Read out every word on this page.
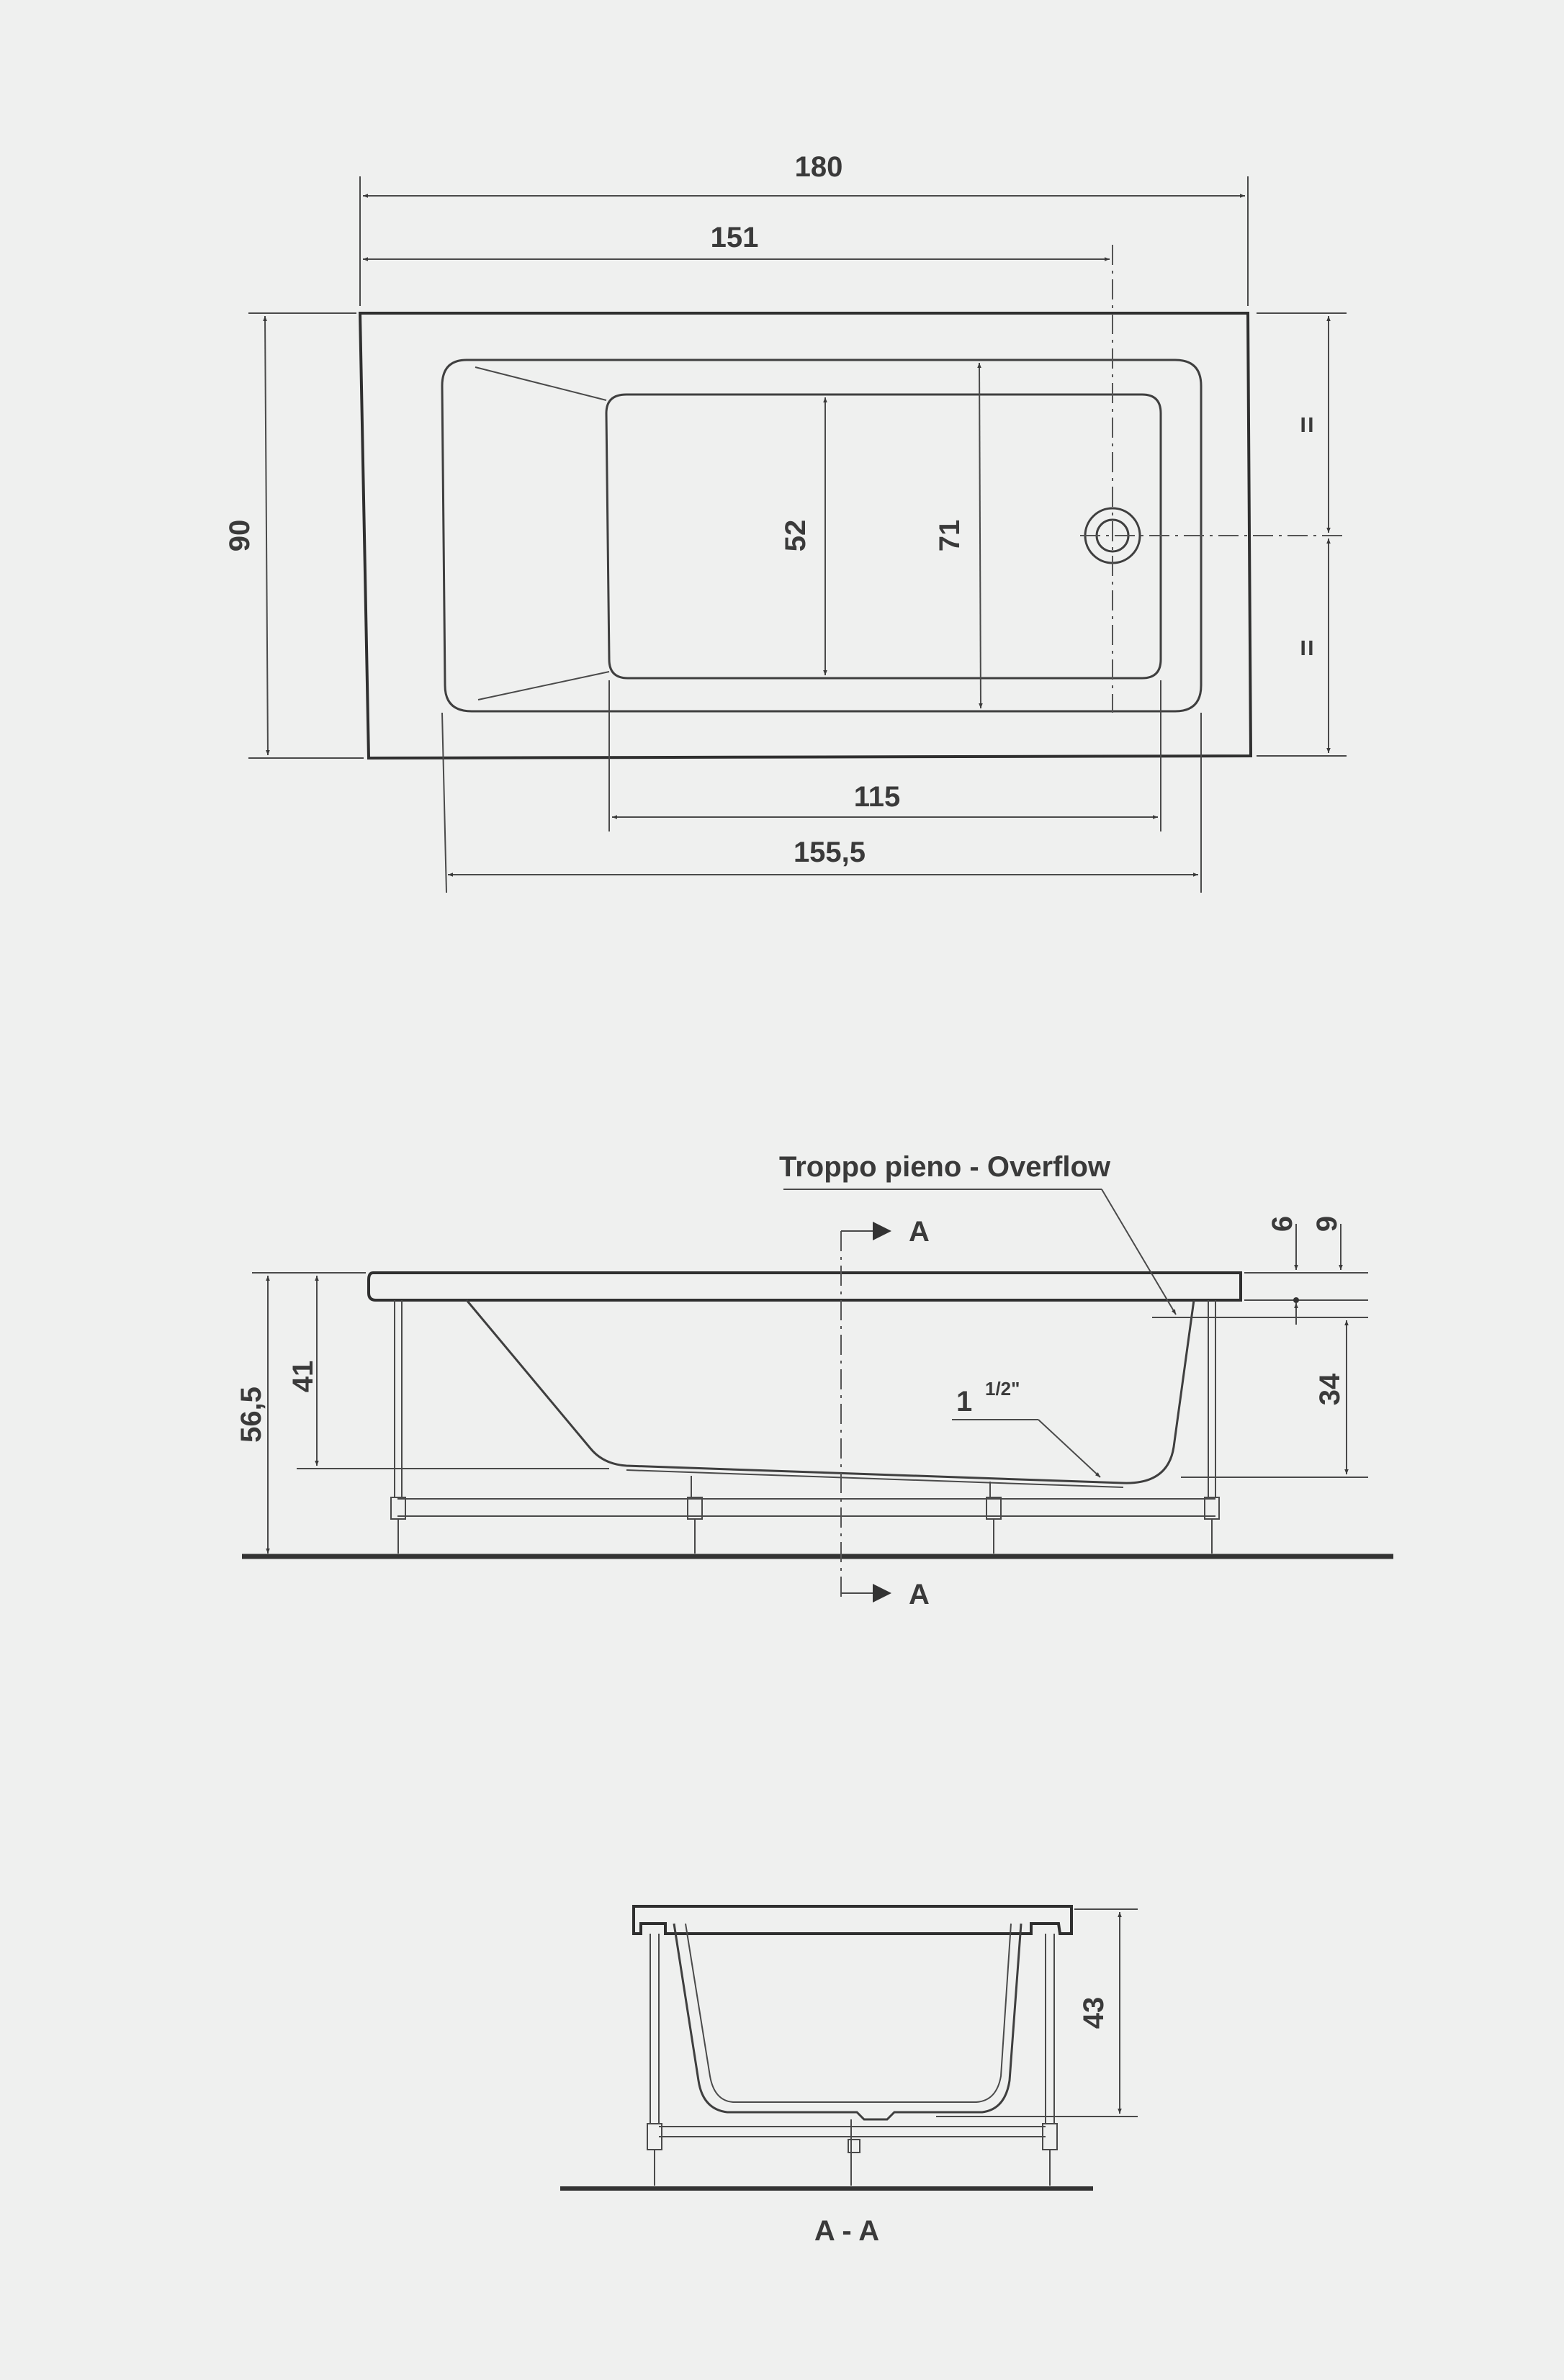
180
151
90	71
52
115
155,5
=
=
A
A
Troppo pieno - Overflow
1 1/2"
56,5
41
6 9
34
43
A - A
